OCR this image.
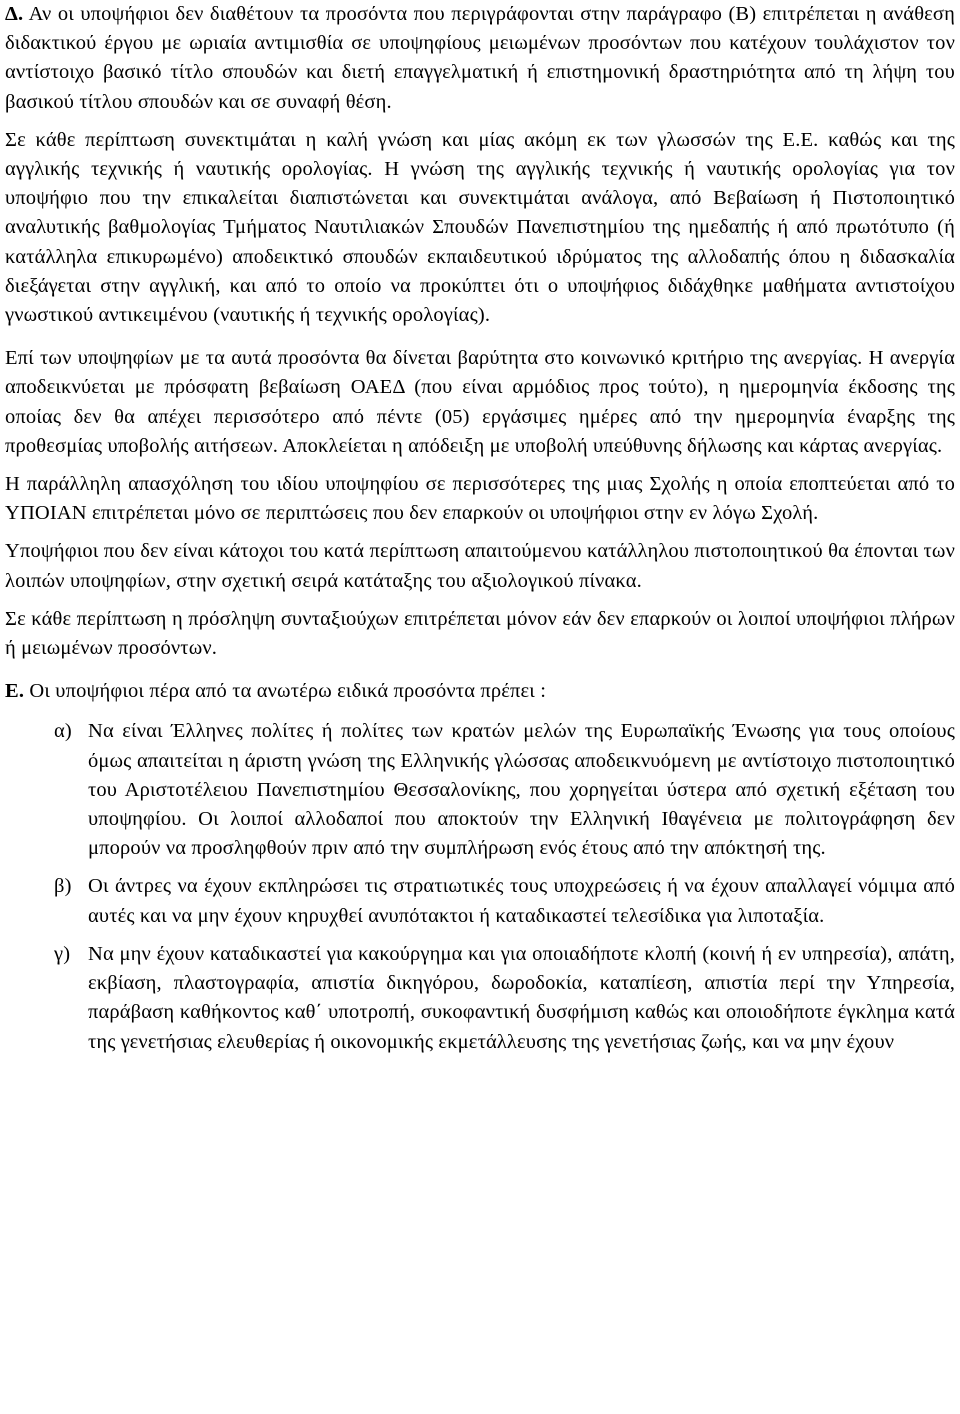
Δ. Αν οι υποψήφιοι δεν διαθέτουν τα προσόντα που περιγράφονται στην παράγραφο (Β) επιτρέπεται η ανάθεση διδακτικού έργου με ωριαία αντιμισθία σε υποψηφίους μειωμένων προσόντων που κατέχουν τουλάχιστον τον αντίστοιχο βασικό τίτλο σπουδών και διετή επαγγελματική ή επιστημονική δραστηριότητα από τη λήψη του βασικού τίτλου σπουδών και σε συναφή θέση.

Σε κάθε περίπτωση συνεκτιμάται η καλή γνώση και μίας ακόμη εκ των γλωσσών της Ε.Ε. καθώς και της αγγλικής τεχνικής ή ναυτικής ορολογίας. Η γνώση της αγγλικής τεχνικής ή ναυτικής ορολογίας για τον υποψήφιο που την επικαλείται διαπιστώνεται και συνεκτιμάται ανάλογα, από Βεβαίωση ή Πιστοποιητικό αναλυτικής βαθμολογίας Τμήματος Ναυτιλιακών Σπουδών Πανεπιστημίου της ημεδαπής ή από πρωτότυπο (ή κατάλληλα επικυρωμένο) αποδεικτικό σπουδών εκπαιδευτικού ιδρύματος της αλλοδαπής όπου η διδασκαλία διεξάγεται στην αγγλική, και από το οποίο να προκύπτει ότι ο υποψήφιος διδάχθηκε μαθήματα αντιστοίχου γνωστικού αντικειμένου (ναυτικής ή τεχνικής ορολογίας).

Επί των υποψηφίων με τα αυτά προσόντα θα δίνεται βαρύτητα στο κοινωνικό κριτήριο της ανεργίας. Η ανεργία αποδεικνύεται με πρόσφατη βεβαίωση ΟΑΕΔ (που είναι αρμόδιος προς τούτο), η ημερομηνία έκδοσης της οποίας δεν θα απέχει περισσότερο από πέντε (05) εργάσιμες ημέρες από την ημερομηνία έναρξης της προθεσμίας υποβολής αιτήσεων. Αποκλείεται η απόδειξη με υποβολή υπεύθυνης δήλωσης και κάρτας ανεργίας.

Η παράλληλη απασχόληση του ιδίου υποψηφίου σε περισσότερες της μιας Σχολής η οποία εποπτεύεται από το ΥΠΟΙΑΝ επιτρέπεται μόνο σε περιπτώσεις που δεν επαρκούν οι υποψήφιοι στην εν λόγω Σχολή.

Υποψήφιοι που δεν είναι κάτοχοι του κατά περίπτωση απαιτούμενου κατάλληλου πιστοποιητικού θα έπονται των λοιπών υποψηφίων, στην σχετική σειρά κατάταξης του αξιολογικού πίνακα.

Σε κάθε περίπτωση η πρόσληψη συνταξιούχων επιτρέπεται μόνον εάν δεν επαρκούν οι λοιποί υποψήφιοι πλήρων ή μειωμένων προσόντων.

Ε. Οι υποψήφιοι πέρα από τα ανωτέρω ειδικά προσόντα πρέπει :

α) Να είναι Έλληνες πολίτες ή πολίτες των κρατών μελών της Ευρωπαϊκής Ένωσης για τους οποίους όμως απαιτείται η άριστη γνώση της Ελληνικής γλώσσας αποδεικνυόμενη με αντίστοιχο πιστοποιητικό του Αριστοτέλειου Πανεπιστημίου Θεσσαλονίκης, που χορηγείται ύστερα από σχετική εξέταση του υποψηφίου. Οι λοιποί αλλοδαποί που αποκτούν την Ελληνική Ιθαγένεια με πολιτογράφηση δεν μπορούν να προσληφθούν πριν από την συμπλήρωση ενός έτους από την απόκτησή της.
β) Οι άντρες να έχουν εκπληρώσει τις στρατιωτικές τους υποχρεώσεις ή να έχουν απαλλαγεί νόμιμα από αυτές και να μην έχουν κηρυχθεί ανυπότακτοι ή καταδικαστεί τελεσίδικα για λιποταξία.
γ) Να μην έχουν καταδικαστεί για κακούργημα και για οποιαδήποτε κλοπή (κοινή ή εν υπηρεσία), απάτη, εκβίαση, πλαστογραφία, απιστία δικηγόρου, δωροδοκία, καταπίεση, απιστία περί την Υπηρεσία, παράβαση καθήκοντος καθ΄ υποτροπή, συκοφαντική δυσφήμιση καθώς και οποιοδήποτε έγκλημα κατά της γενετήσιας ελευθερίας ή οικονομικής εκμετάλλευσης της γενετήσιας ζωής, και να μην έχουν
